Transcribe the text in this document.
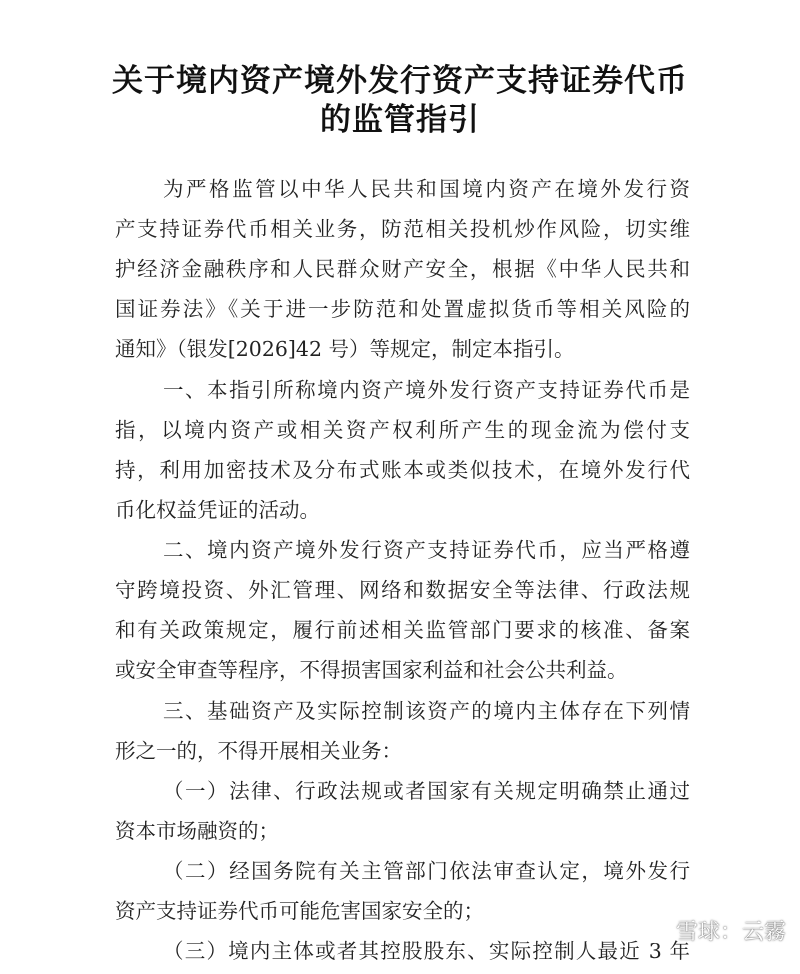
关于境内资产境外发行资产支持证券代币
的监管指引
为严格监管以中华人民共和国境内资产在境外发行资
产支持证券代币相关业务，防范相关投机炒作风险，切实维
护经济金融秩序和人民群众财产安全，根据《中华人民共和
国证券法》《关于进一步防范和处置虚拟货币等相关风险的
通知》（银发[2026]42 号）等规定，制定本指引。
一、本指引所称境内资产境外发行资产支持证券代币是
指，以境内资产或相关资产权利所产生的现金流为偿付支
持，利用加密技术及分布式账本或类似技术，在境外发行代
币化权益凭证的活动。
二、境内资产境外发行资产支持证券代币，应当严格遵
守跨境投资、外汇管理、网络和数据安全等法律、行政法规
和有关政策规定，履行前述相关监管部门要求的核准、备案
或安全审查等程序，不得损害国家利益和社会公共利益。
三、基础资产及实际控制该资产的境内主体存在下列情
形之一的，不得开展相关业务：
（一）法律、行政法规或者国家有关规定明确禁止通过
资本市场融资的；
（二）经国务院有关主管部门依法审查认定，境外发行
资产支持证券代币可能危害国家安全的；
（三）境内主体或者其控股股东、实际控制人最近 3 年
雪球：云霧
